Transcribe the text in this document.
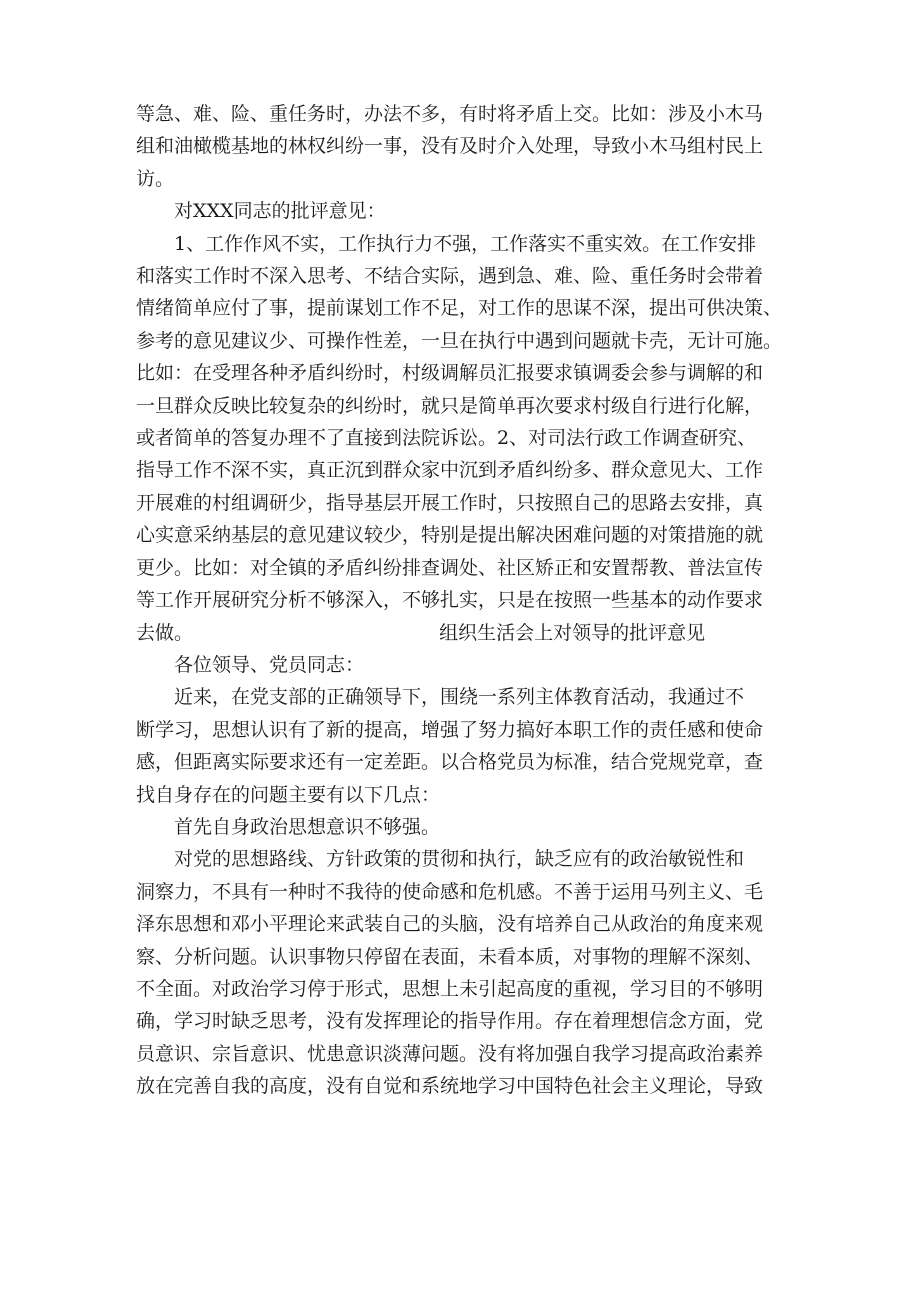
等急、难、险、重任务时，办法不多，有时将矛盾上交。比如：涉及小木马
组和油橄榄基地的林权纠纷一事，没有及时介入处理，导致小木马组村民上
访。
对XXX同志的批评意见：
1、工作作风不实，工作执行力不强，工作落实不重实效。在工作安排
和落实工作时不深入思考、不结合实际，遇到急、难、险、重任务时会带着
情绪简单应付了事，提前谋划工作不足，对工作的思谋不深，提出可供决策、
参考的意见建议少、可操作性差，一旦在执行中遇到问题就卡壳，无计可施。
比如：在受理各种矛盾纠纷时，村级调解员汇报要求镇调委会参与调解的和
一旦群众反映比较复杂的纠纷时，就只是简单再次要求村级自行进行化解，
或者简单的答复办理不了直接到法院诉讼。2、对司法行政工作调查研究、
指导工作不深不实，真正沉到群众家中沉到矛盾纠纷多、群众意见大、工作
开展难的村组调研少，指导基层开展工作时，只按照自己的思路去安排，真
心实意采纳基层的意见建议较少，特别是提出解决困难问题的对策措施的就
更少。比如：对全镇的矛盾纠纷排查调处、社区矫正和安置帮教、普法宣传
等工作开展研究分析不够深入，不够扎实，只是在按照一些基本的动作要求
去做。	组织生活会上对领导的批评意见
各位领导、党员同志：
近来，在党支部的正确领导下，围绕一系列主体教育活动，我通过不
断学习，思想认识有了新的提高，增强了努力搞好本职工作的责任感和使命
感，但距离实际要求还有一定差距。以合格党员为标准，结合党规党章，查
找自身存在的问题主要有以下几点：
首先自身政治思想意识不够强。
对党的思想路线、方针政策的贯彻和执行，缺乏应有的政治敏锐性和
洞察力，不具有一种时不我待的使命感和危机感。不善于运用马列主义、毛
泽东思想和邓小平理论来武装自己的头脑，没有培养自己从政治的角度来观
察、分析问题。认识事物只停留在表面，未看本质，对事物的理解不深刻、
不全面。对政治学习停于形式，思想上未引起高度的重视，学习目的不够明
确，学习时缺乏思考，没有发挥理论的指导作用。存在着理想信念方面，党
员意识、宗旨意识、忧患意识淡薄问题。没有将加强自我学习提高政治素养
放在完善自我的高度，没有自觉和系统地学习中国特色社会主义理论，导致
